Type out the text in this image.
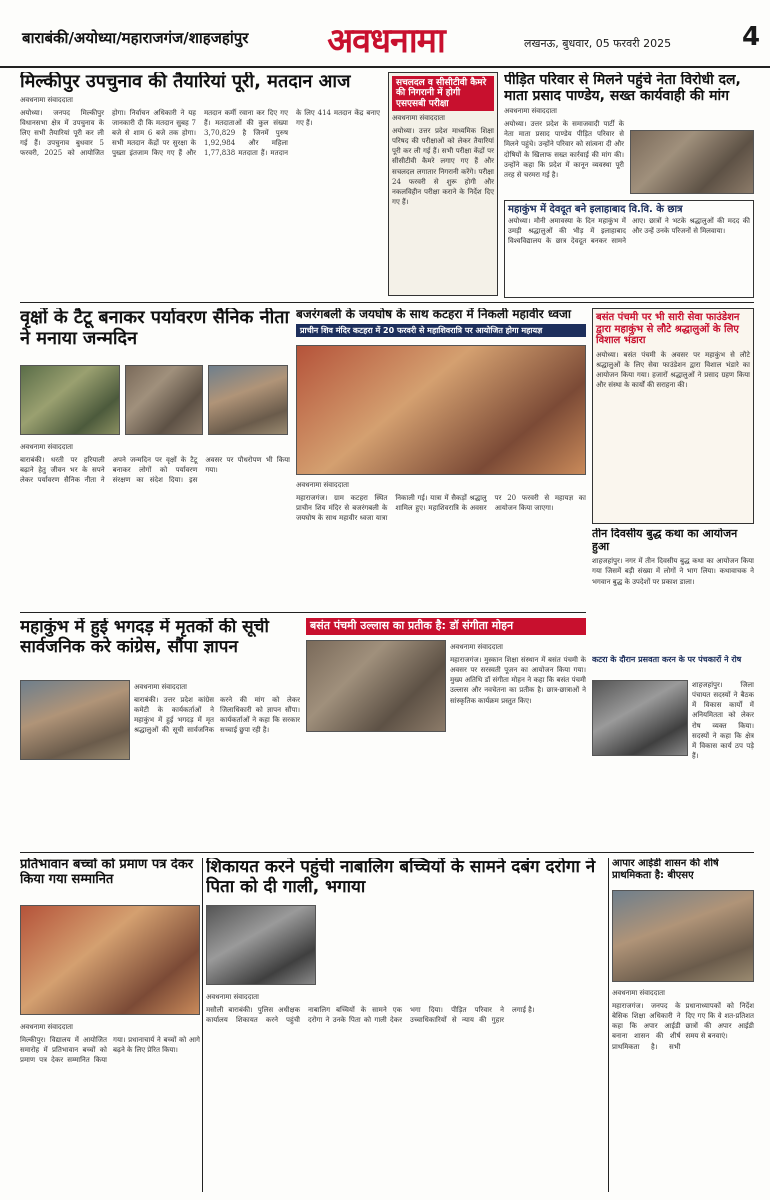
बाराबंकी/अयोध्या/महाराजगंज/शाहजहांपुर	अवधनामा	लखनऊ, बुधवार, 05 फरवरी 2025	4
मिल्कीपुर उपचुनाव की तैयारियां पूरी, मतदान आज
अवधनामा संवाददाता
अयोध्या। जनपद मिल्कीपुर विधानसभा क्षेत्र में उपचुनाव के लिए सभी तैयारियां पूरी कर ली गई हैं। उपचुनाव बुधवार 5 फरवरी, 2025 को आयोजित होगा। निर्वाचन अधिकारी ने यह जानकारी दी कि मतदान सुबह 7 बजे से शाम 6 बजे तक होगा। सभी मतदान केंद्रों पर सुरक्षा के पुख्ता इंतजाम किए गए हैं और मतदान कर्मी रवाना कर दिए गए हैं। मतदाताओं की कुल संख्या 3,70,829 है जिनमें पुरुष 1,92,984 और महिला 1,77,838 मतदाता हैं। मतदान के लिए 414 मतदान केंद्र बनाए गए हैं।
सचलदल व सीसीटीवी कैमरे की निगरानी में होगी एसएसबी परीक्षा
अवधनामा संवाददाता
अयोध्या। उत्तर प्रदेश माध्यमिक शिक्षा परिषद की परीक्षाओं को लेकर तैयारियां पूरी कर ली गई हैं। सभी परीक्षा केंद्रों पर सीसीटीवी कैमरे लगाए गए हैं और सचलदल लगातार निगरानी करेंगे। परीक्षा 24 फरवरी से शुरू होगी और नकलविहीन परीक्षा कराने के निर्देश दिए गए हैं।
पीड़ित परिवार से मिलने पहुंचे नेता विरोधी दल, माता प्रसाद पाण्डेय, सख्त कार्यवाही की मांग
अवधनामा संवाददाता
अयोध्या। उत्तर प्रदेश के समाजवादी पार्टी के नेता माता प्रसाद पाण्डेय पीड़ित परिवार से मिलने पहुंचे। उन्होंने परिवार को सांत्वना दी और दोषियों के खिलाफ सख्त कार्रवाई की मांग की। उन्होंने कहा कि प्रदेश में कानून व्यवस्था पूरी तरह से चरमरा गई है।
महाकुंभ में देवदूत बने इलाहाबाद वि.वि. के छात्र
अयोध्या। मौनी अमावस्या के दिन महाकुंभ में उमड़ी श्रद्धालुओं की भीड़ में इलाहाबाद विश्वविद्यालय के छात्र देवदूत बनकर सामने आए। छात्रों ने भटके श्रद्धालुओं की मदद की और उन्हें उनके परिजनों से मिलवाया।
वृक्षों के टैटू बनाकर पर्यावरण सैनिक नीता ने मनाया जन्मदिन
अवधनामा संवाददाता
बाराबंकी। धरती पर हरियाली बढ़ाने हेतु जीवन भर के सपने लेकर पर्यावरण सैनिक नीता ने अपने जन्मदिन पर वृक्षों के टैटू बनाकर लोगों को पर्यावरण संरक्षण का संदेश दिया। इस अवसर पर पौधरोपण भी किया गया।
बजरंगबली के जयघोष के साथ कटहरा में निकली महावीर ध्वजा
प्राचीन शिव मंदिर कटहरा में 20 फरवरी से महाशिवरात्रि पर आयोजित होगा महायज्ञ
अवधनामा संवाददाता
महाराजगंज। ग्राम कटहरा स्थित प्राचीन शिव मंदिर से बजरंगबली के जयघोष के साथ महावीर ध्वजा यात्रा निकाली गई। यात्रा में सैकड़ों श्रद्धालु शामिल हुए। महाशिवरात्रि के अवसर पर 20 फरवरी से महायज्ञ का आयोजन किया जाएगा।
बसंत पंचमी पर भी सारी सेवा फाउंडेशन द्वारा महाकुंभ से लौटे श्रद्धालुओं के लिए विशाल भंडारा
अयोध्या। बसंत पंचमी के अवसर पर महाकुंभ से लौटे श्रद्धालुओं के लिए सेवा फाउंडेशन द्वारा विशाल भंडारे का आयोजन किया गया। हजारों श्रद्धालुओं ने प्रसाद ग्रहण किया और संस्था के कार्यों की सराहना की।
तीन दिवसीय बुद्ध कथा का आयोजन हुआ
शाहजहांपुर। नगर में तीन दिवसीय बुद्ध कथा का आयोजन किया गया जिसमें बड़ी संख्या में लोगों ने भाग लिया। कथावाचक ने भगवान बुद्ध के उपदेशों पर प्रकाश डाला।
कटरा के दौरान प्रसवता करन के पर पंचकारों ने रोष
शाहजहांपुर। जिला पंचायत सदस्यों ने बैठक में विकास कार्यों में अनियमितता को लेकर रोष व्यक्त किया। सदस्यों ने कहा कि क्षेत्र में विकास कार्य ठप पड़े हैं।
महाकुंभ में हुई भगदड़ में मृतकों की सूची सार्वजनिक करे कांग्रेस, सौंपा ज्ञापन
अवधनामा संवाददाता
बाराबंकी। उत्तर प्रदेश कांग्रेस कमेटी के कार्यकर्ताओं ने महाकुंभ में हुई भगदड़ में मृत श्रद्धालुओं की सूची सार्वजनिक करने की मांग को लेकर जिलाधिकारी को ज्ञापन सौंपा। कार्यकर्ताओं ने कहा कि सरकार सच्चाई छुपा रही है।
बसंत पंचमी उल्लास का प्रतीक है: डॉ संगीता मोहन
अवधनामा संवाददाता
महाराजगंज। मुस्कान शिक्षा संस्थान में बसंत पंचमी के अवसर पर सरस्वती पूजन का आयोजन किया गया। मुख्य अतिथि डॉ संगीता मोहन ने कहा कि बसंत पंचमी उल्लास और नवचेतना का प्रतीक है। छात्र-छात्राओं ने सांस्कृतिक कार्यक्रम प्रस्तुत किए।
प्रतिभावान बच्चों को प्रमाण पत्र देकर किया गया सम्मानित
अवधनामा संवाददाता
मिल्कीपुर। विद्यालय में आयोजित समारोह में प्रतिभावान बच्चों को प्रमाण पत्र देकर सम्मानित किया गया। प्रधानाचार्य ने बच्चों को आगे बढ़ने के लिए प्रेरित किया।
शिकायत करने पहुंची नाबालिग बच्चियों के सामने दबंग दरोगा ने पिता को दी गाली, भगाया
अवधनामा संवाददाता
मसौली बाराबंकी। पुलिस अधीक्षक कार्यालय शिकायत करने पहुंची नाबालिग बच्चियों के सामने एक दरोगा ने उनके पिता को गाली देकर भगा दिया। पीड़ित परिवार ने उच्चाधिकारियों से न्याय की गुहार लगाई है।
आपार आईडी शासन की शीर्ष प्राथमिकता है: बीएसए
अवधनामा संवाददाता
महाराजगंज। जनपद के बेसिक शिक्षा अधिकारी ने कहा कि अपार आईडी बनाना शासन की शीर्ष प्राथमिकता है। सभी प्रधानाध्यापकों को निर्देश दिए गए कि वे शत-प्रतिशत छात्रों की अपार आईडी समय से बनवाएं।
